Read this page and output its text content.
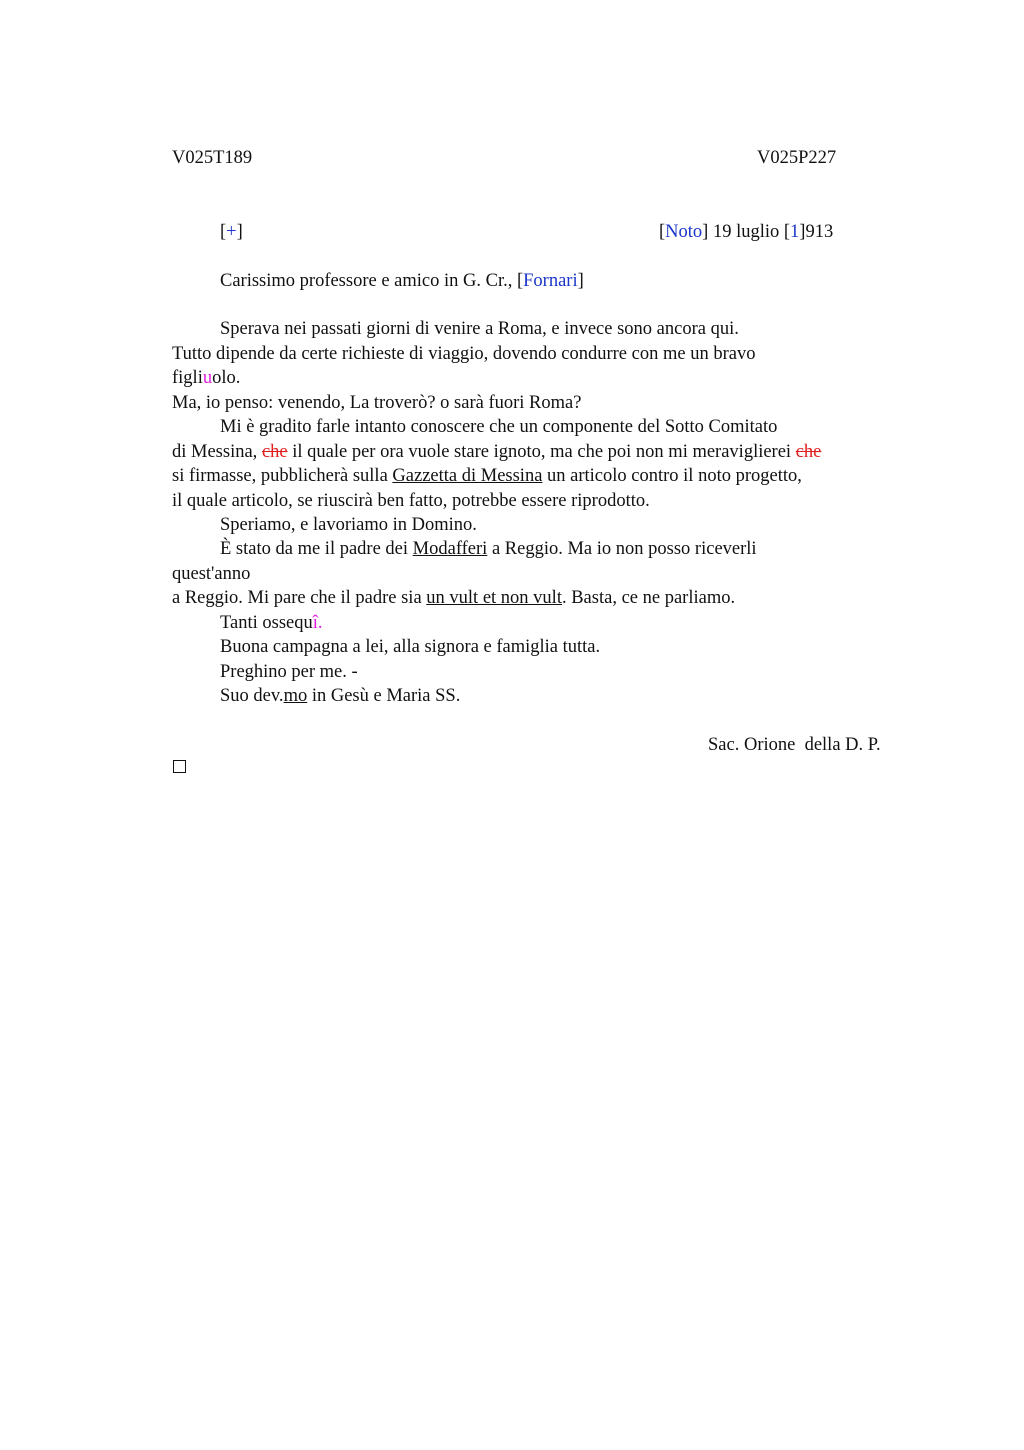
V025T189	V025P227
[+]	[Noto] 19 luglio [1]913
Carissimo professore e amico in G. Cr., [Fornari]
Sperava nei passati giorni di venire a Roma, e invece sono ancora qui.
Tutto dipende da certe richieste di viaggio, dovendo condurre con me un bravo
figliuolo.
Ma, io penso: venendo, La troverò? o sarà fuori Roma?
Mi è gradito farle intanto conoscere che un componente del Sotto Comitato
di Messina, che il quale per ora vuole stare ignoto, ma che poi non mi meraviglierei che
si firmasse, pubblicherà sulla Gazzetta di Messina un articolo contro il noto progetto,
il quale articolo, se riuscirà ben fatto, potrebbe essere riprodotto.
Speriamo, e lavoriamo in Domino.
È stato da me il padre dei Modafferi a Reggio. Ma io non posso riceverli
quest'anno
a Reggio. Mi pare che il padre sia un vult et non vult. Basta, ce ne parliamo.
Tanti ossequî.
Buona campagna a lei, alla signora e famiglia tutta.
Preghino per me. -
Suo dev.mo in Gesù e Maria SS.
Sac. Orione  della D. P.
